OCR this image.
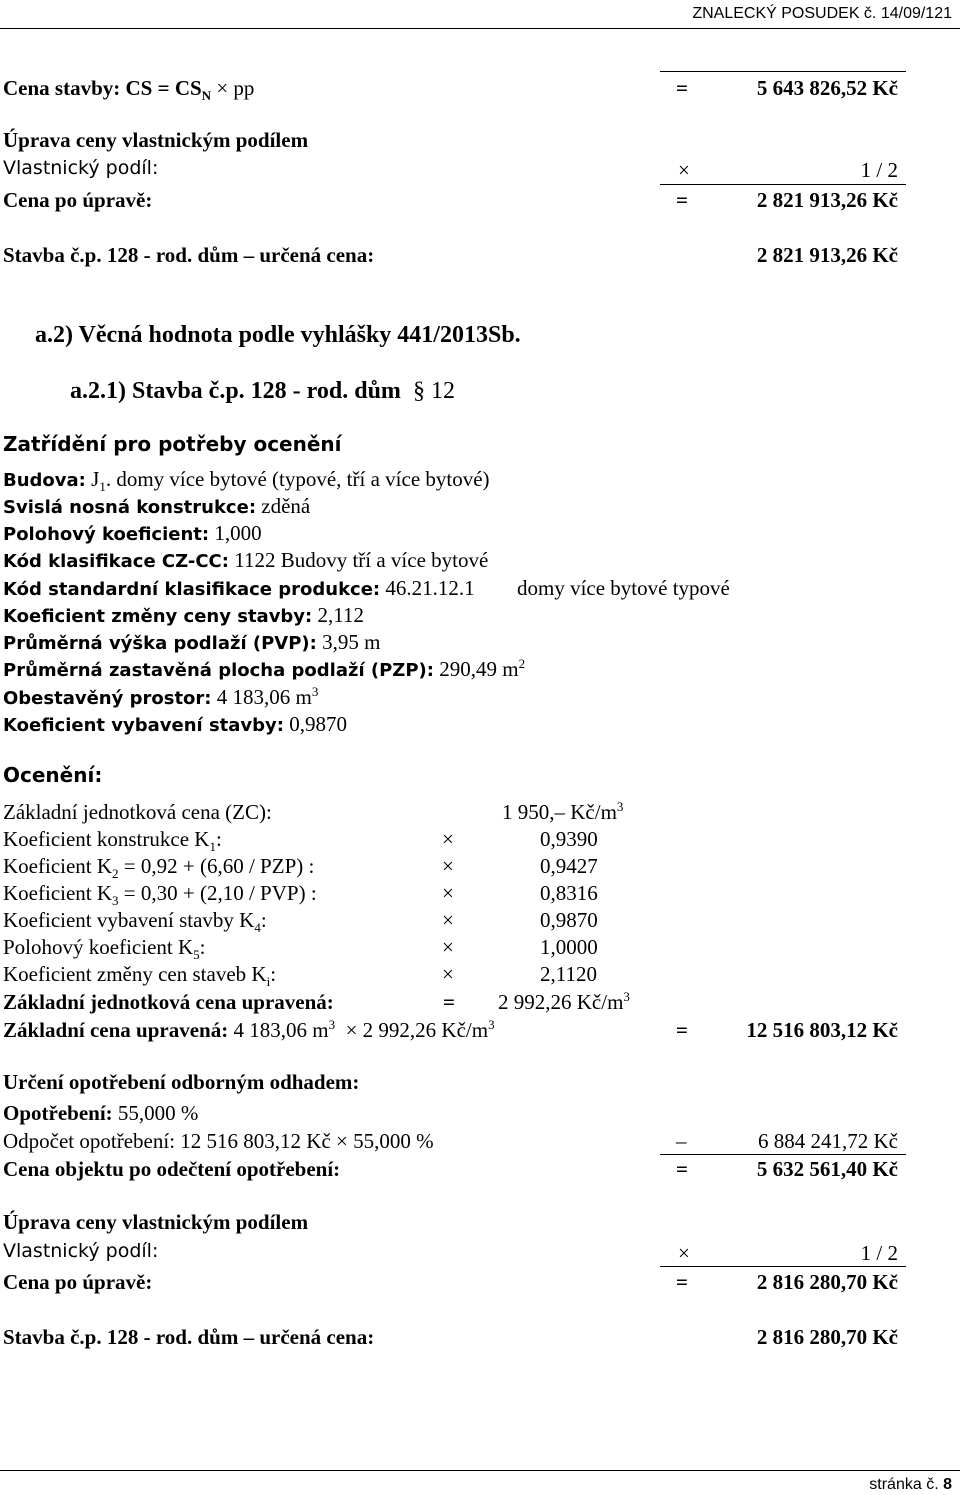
ZNALECKÝ POSUDEK č. 14/09/121
Cena stavby: CS = $CS_N$ × pp	=	5 643 826,52 Kč
Úprava ceny vlastnickým podílem
Vlastnický podíl:	×	1 / 2
Cena po úpravě:	=	2 821 913,26 Kč
Stavba č.p. 128 - rod. dům – určená cena:	2 821 913,26 Kč
a.2) Věcná hodnota podle vyhlášky 441/2013Sb.
a.2.1) Stavba č.p. 128 - rod. dům § 12
Zatřídění pro potřeby ocenění
Budova: $J_1$. domy více bytové (typové, tří a více bytové)
Svislá nosná konstrukce: zděná
Polohový koeficient: 1,000
Kód klasifikace CZ-CC: 1122 Budovy tří a více bytové
Kód standardní klasifikace produkce: 46.21.12.1 domy více bytové typové
Koeficient změny ceny stavby: 2,112
Průměrná výška podlaží (PVP): 3,95 m
Průměrná zastavěná plocha podlaží (PZP): 290,49 $m^2$
Obestavěný prostor: 4 183,06 $m^3$
Koeficient vybavení stavby: 0,9870
Ocenění:
Základní jednotková cena (ZC):	1 950,– $Kč/m^3$
Koeficient konstrukce $K_1$:	×	0,9390
Koeficient $K_2 = 0,92 + (6,60 / PZP)$ :	×	0,9427
Koeficient $K_3 = 0,30 + (2,10 / PVP)$ :	×	0,8316
Koeficient vybavení stavby $K_4$:	×	0,9870
Polohový koeficient $K_5$:	×	1,0000
Koeficient změny cen staveb $K_i$:	×	2,1120
Základní jednotková cena upravená:	= 2 992,26 $Kč/m^3$
Základní cena upravená: 4 183,06 $m^3 \times 2$ 992,26 $Kč/m^3$	=	12 516 803,12 Kč
Určení opotřebení odborným odhadem:
Opotřebení: 55,000 %
Odpočet opotřebení: 12 516 803,12 Kč × 55,000 %	–	6 884 241,72 Kč
Cena objektu po odečtení opotřebení:	=	5 632 561,40 Kč
Úprava ceny vlastnickým podílem
Vlastnický podíl:	×	1 / 2
Cena po úpravě:	=	2 816 280,70 Kč
Stavba č.p. 128 - rod. dům – určená cena:	2 816 280,70 Kč
stránka č. 8
